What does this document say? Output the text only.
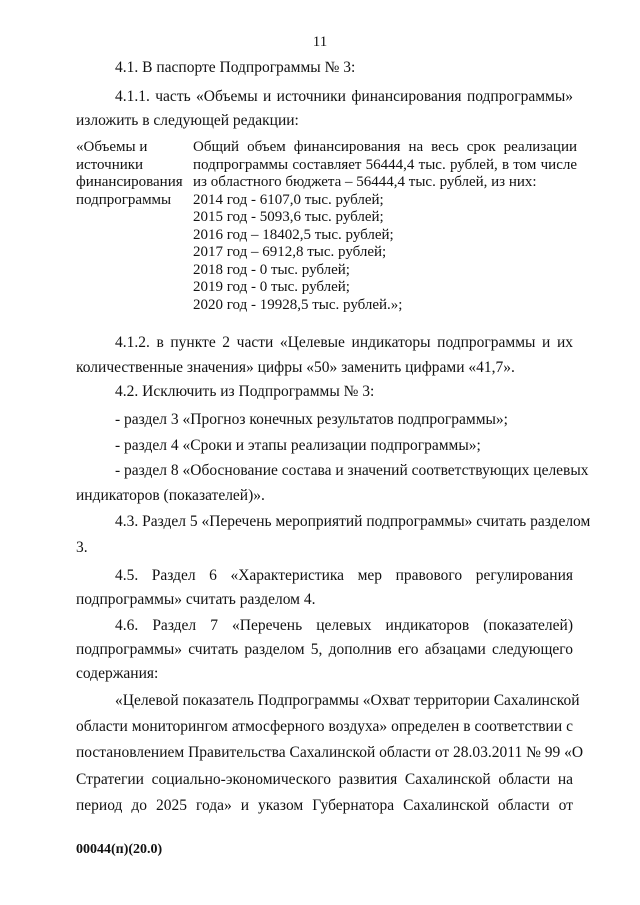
11
4.1. В паспорте Подпрограммы № 3:
4.1.1. часть «Объемы и источники финансирования подпрограммы»
изложить в следующей редакции:
«Объемы и
источники
финансирования
подпрограммы
Общий объем финансирования на весь срок реализации
подпрограммы составляет 56444,4 тыс. рублей, в том числе
из областного бюджета – 56444,4 тыс. рублей, из них:
2014 год - 6107,0 тыс. рублей;
2015 год - 5093,6 тыс. рублей;
2016 год – 18402,5 тыс. рублей;
2017 год – 6912,8 тыс. рублей;
2018 год - 0 тыс. рублей;
2019 год - 0 тыс. рублей;
2020 год - 19928,5 тыс. рублей.»;
4.1.2. в пункте 2 части «Целевые индикаторы подпрограммы и их
количественные значения» цифры «50» заменить цифрами «41,7».
4.2. Исключить из Подпрограммы № 3:
- раздел 3 «Прогноз конечных результатов подпрограммы»;
- раздел 4 «Сроки и этапы реализации подпрограммы»;
- раздел 8 «Обоснование состава и значений соответствующих целевых
индикаторов (показателей)».
4.3. Раздел 5 «Перечень мероприятий подпрограммы» считать разделом
3.
4.5. Раздел 6 «Характеристика мер правового регулирования
подпрограммы» считать разделом 4.
4.6. Раздел 7 «Перечень целевых индикаторов (показателей)
подпрограммы» считать разделом 5, дополнив его абзацами следующего
содержания:
«Целевой показатель Подпрограммы «Охват территории Сахалинской
области мониторингом атмосферного воздуха» определен в соответствии с
постановлением Правительства Сахалинской области от 28.03.2011 № 99 «О
Стратегии социально-экономического развития Сахалинской области на
период до 2025 года» и указом Губернатора Сахалинской области от
00044(п)(20.0)
